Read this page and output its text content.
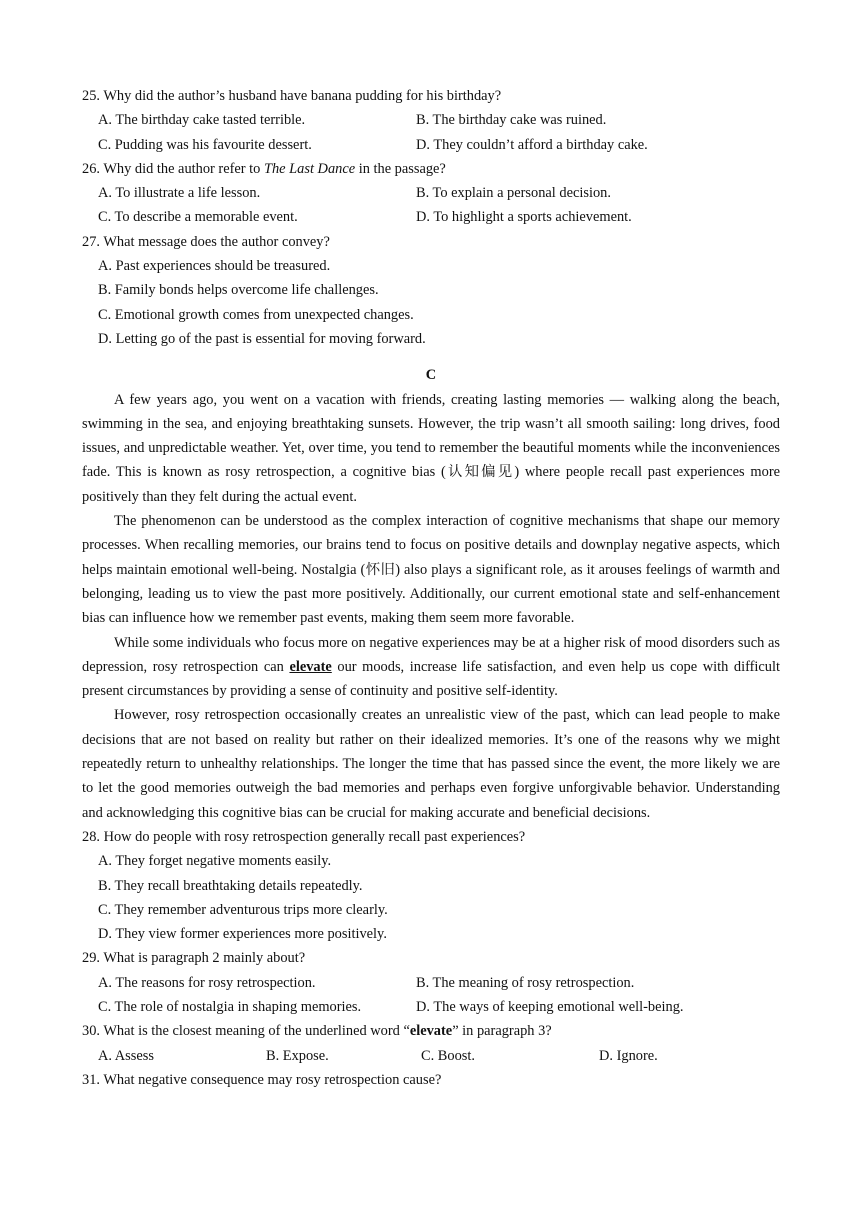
25. Why did the author’s husband have banana pudding for his birthday?

A. The birthday cake tasted terrible.	B. The birthday cake was ruined.

C. Pudding was his favourite dessert.	D. They couldn’t afford a birthday cake.

26. Why did the author refer to The Last Dance in the passage?

A. To illustrate a life lesson.	B. To explain a personal decision.

C. To describe a memorable event.	D. To highlight a sports achievement.

27. What message does the author convey?

A. Past experiences should be treasured.

B. Family bonds helps overcome life challenges.

C. Emotional growth comes from unexpected changes.

D. Letting go of the past is essential for moving forward.

C

A few years ago, you went on a vacation with friends, creating lasting memories — walking along the beach, swimming in the sea, and enjoying breathtaking sunsets. However, the trip wasn’t all smooth sailing: long drives, food issues, and unpredictable weather. Yet, over time, you tend to remember the beautiful moments while the inconveniences fade. This is known as rosy retrospection, a cognitive bias (认知偏见) where people recall past experiences more positively than they felt during the actual event.

The phenomenon can be understood as the complex interaction of cognitive mechanisms that shape our memory processes. When recalling memories, our brains tend to focus on positive details and downplay negative aspects, which helps maintain emotional well-being. Nostalgia (怀旧) also plays a significant role, as it arouses feelings of warmth and belonging, leading us to view the past more positively. Additionally, our current emotional state and self-enhancement bias can influence how we remember past events, making them seem more favorable.

While some individuals who focus more on negative experiences may be at a higher risk of mood disorders such as depression, rosy retrospection can elevate our moods, increase life satisfaction, and even help us cope with difficult present circumstances by providing a sense of continuity and positive self-identity.

However, rosy retrospection occasionally creates an unrealistic view of the past, which can lead people to make decisions that are not based on reality but rather on their idealized memories. It’s one of the reasons why we might repeatedly return to unhealthy relationships. The longer the time that has passed since the event, the more likely we are to let the good memories outweigh the bad memories and perhaps even forgive unforgivable behavior. Understanding and acknowledging this cognitive bias can be crucial for making accurate and beneficial decisions.

28. How do people with rosy retrospection generally recall past experiences?

A. They forget negative moments easily.

B. They recall breathtaking details repeatedly.

C. They remember adventurous trips more clearly.

D. They view former experiences more positively.

29. What is paragraph 2 mainly about?

A. The reasons for rosy retrospection.	B. The meaning of rosy retrospection.

C. The role of nostalgia in shaping memories.	D. The ways of keeping emotional well-being.

30. What is the closest meaning of the underlined word “elevate” in paragraph 3?

A. Assess	B. Expose.	C. Boost.	D. Ignore.

31. What negative consequence may rosy retrospection cause?
